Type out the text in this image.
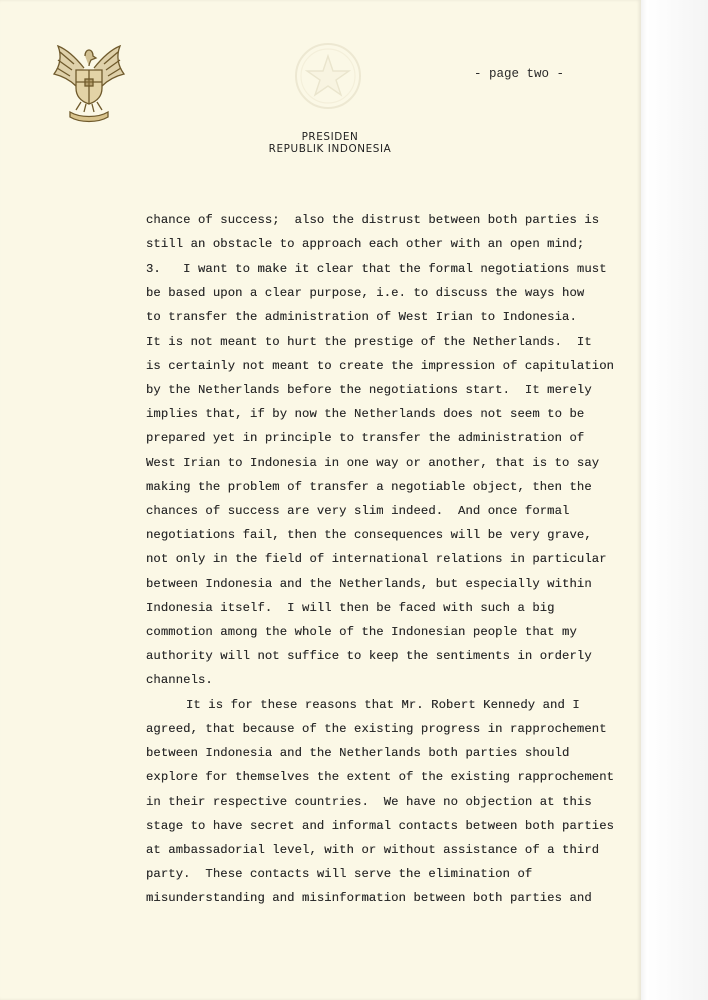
- page two -
PRESIDEN
REPUBLIK INDONESIA
chance of success;  also the distrust between both parties is
still an obstacle to approach each other with an open mind;
3.   I want to make it clear that the formal negotiations must
be based upon a clear purpose, i.e. to discuss the ways how
to transfer the administration of West Irian to Indonesia.
It is not meant to hurt the prestige of the Netherlands.  It
is certainly not meant to create the impression of capitulation
by the Netherlands before the negotiations start.  It merely
implies that, if by now the Netherlands does not seem to be
prepared yet in principle to transfer the administration of
West Irian to Indonesia in one way or another, that is to say
making the problem of transfer a negotiable object, then the
chances of success are very slim indeed.  And once formal
negotiations fail, then the consequences will be very grave,
not only in the field of international relations in particular
between Indonesia and the Netherlands, but especially within
Indonesia itself.  I will then be faced with such a big
commotion among the whole of the Indonesian people that my
authority will not suffice to keep the sentiments in orderly
channels.
It is for these reasons that Mr. Robert Kennedy and I
agreed, that because of the existing progress in rapprochement
between Indonesia and the Netherlands both parties should
explore for themselves the extent of the existing rapprochement
in their respective countries.  We have no objection at this
stage to have secret and informal contacts between both parties
at ambassadorial level, with or without assistance of a third
party.  These contacts will serve the elimination of
misunderstanding and misinformation between both parties and
